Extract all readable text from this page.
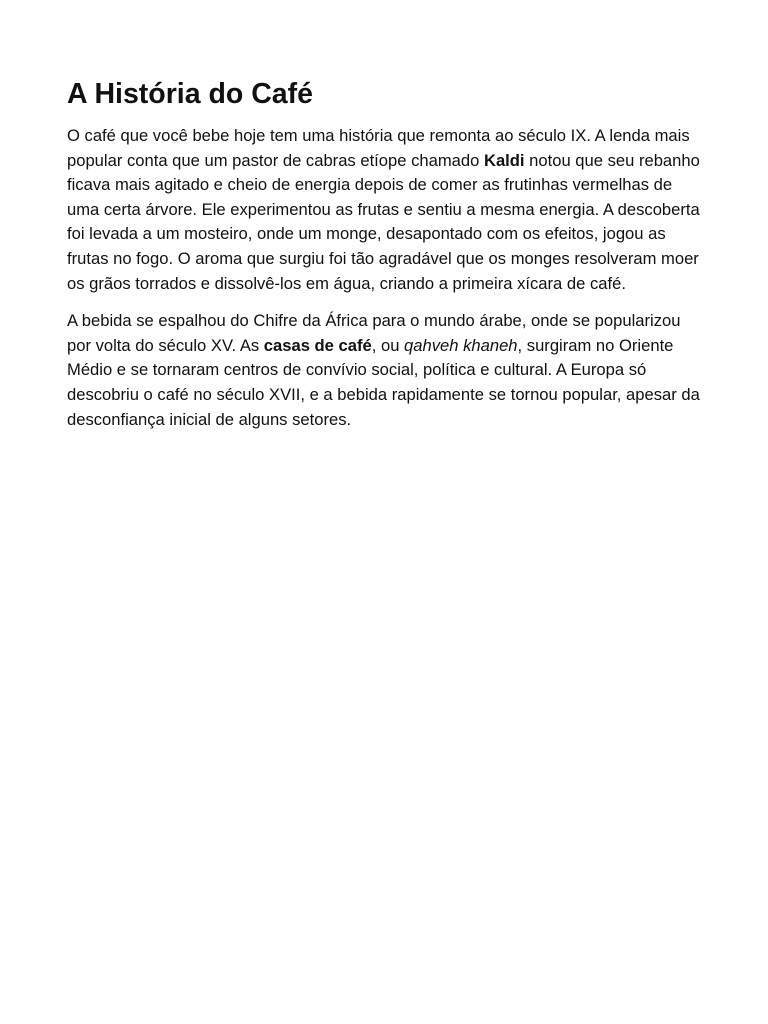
A História do Café

O café que você bebe hoje tem uma história que remonta ao século IX. A lenda mais popular conta que um pastor de cabras etíope chamado Kaldi notou que seu rebanho ficava mais agitado e cheio de energia depois de comer as frutinhas vermelhas de uma certa árvore. Ele experimentou as frutas e sentiu a mesma energia. A descoberta foi levada a um mosteiro, onde um monge, desapontado com os efeitos, jogou as frutas no fogo. O aroma que surgiu foi tão agradável que os monges resolveram moer os grãos torrados e dissolvê-los em água, criando a primeira xícara de café.

A bebida se espalhou do Chifre da África para o mundo árabe, onde se popularizou por volta do século XV. As casas de café, ou qahveh khaneh, surgiram no Oriente Médio e se tornaram centros de convívio social, política e cultural. A Europa só descobriu o café no século XVII, e a bebida rapidamente se tornou popular, apesar da desconfiança inicial de alguns setores.
